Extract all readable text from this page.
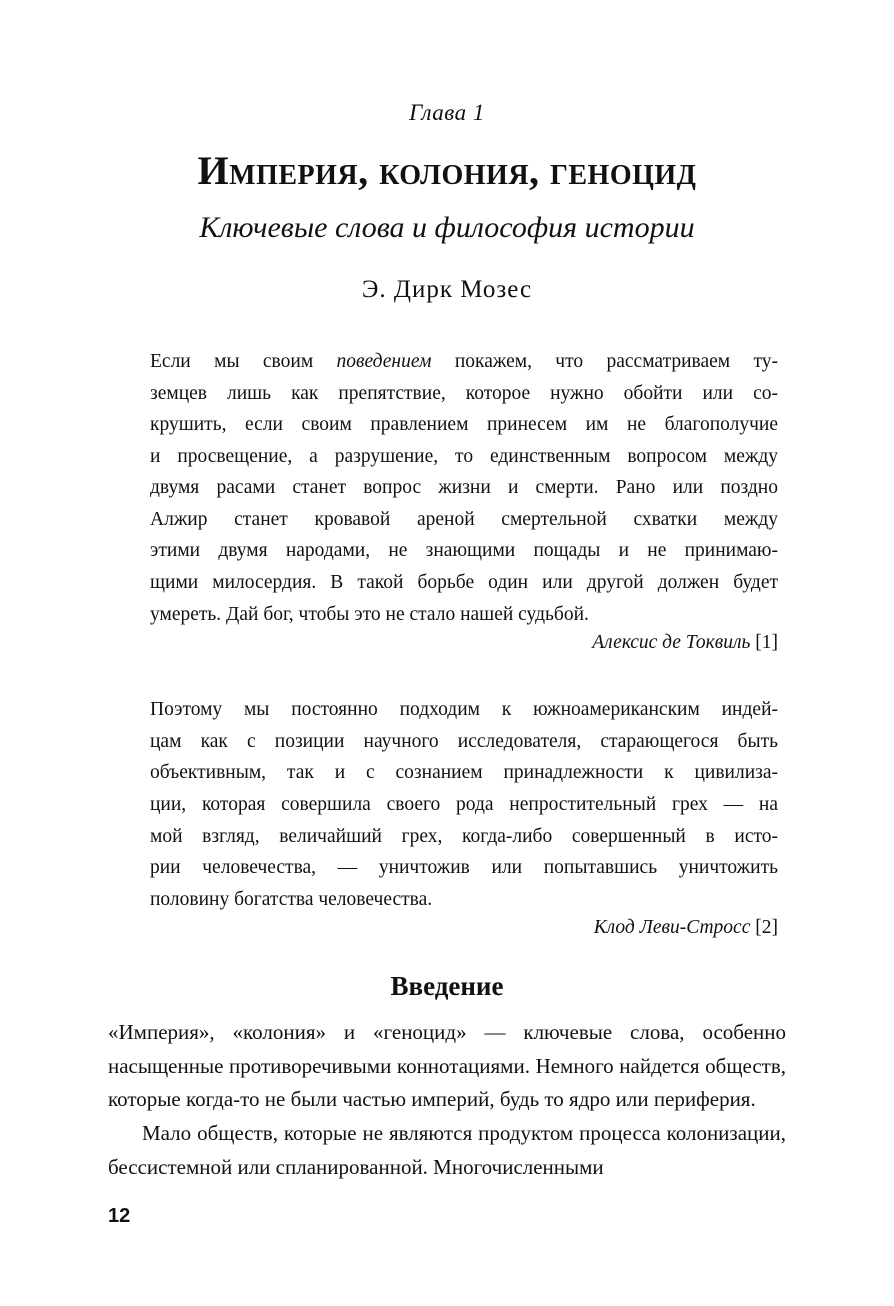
Глава 1
Империя, колония, геноцид
Ключевые слова и философия истории
Э. Дирк Мозес

Если мы своим поведением покажем, что рассматриваем ту-

земцев лишь как препятствие, которое нужно обойти или со-

крушить, если своим правлением принесем им не благополучие

и просвещение, а разрушение, то единственным вопросом между

двумя расами станет вопрос жизни и смерти. Рано или поздно

Алжир станет кровавой ареной смертельной схватки между

этими двумя народами, не знающими пощады и не принимаю-

щими милосердия. В такой борьбе один или другой должен будет

умереть. Дай бог, чтобы это не стало нашей судьбой.

Алексис де Токвиль [1]

Поэтому мы постоянно подходим к южноамериканским индей-

цам как с позиции научного исследователя, старающегося быть

объективным, так и с сознанием принадлежности к цивилиза-

ции, которая совершила своего рода непростительный грех — на

мой взгляд, величайший грех, когда-либо совершенный в исто-

рии человечества, — уничтожив или попытавшись уничтожить

половину богатства человечества.

Клод Леви-Стросс [2]
Введение

«Империя», «колония» и «геноцид» — ключевые слова, особенно насыщенные противоречивыми коннотациями. Немного найдется обществ, которые когда-то не были частью империй, будь то ядро или периферия.

Мало обществ, которые не являются продуктом процесса колонизации, бессистемной или спланированной. Многочисленными

12
